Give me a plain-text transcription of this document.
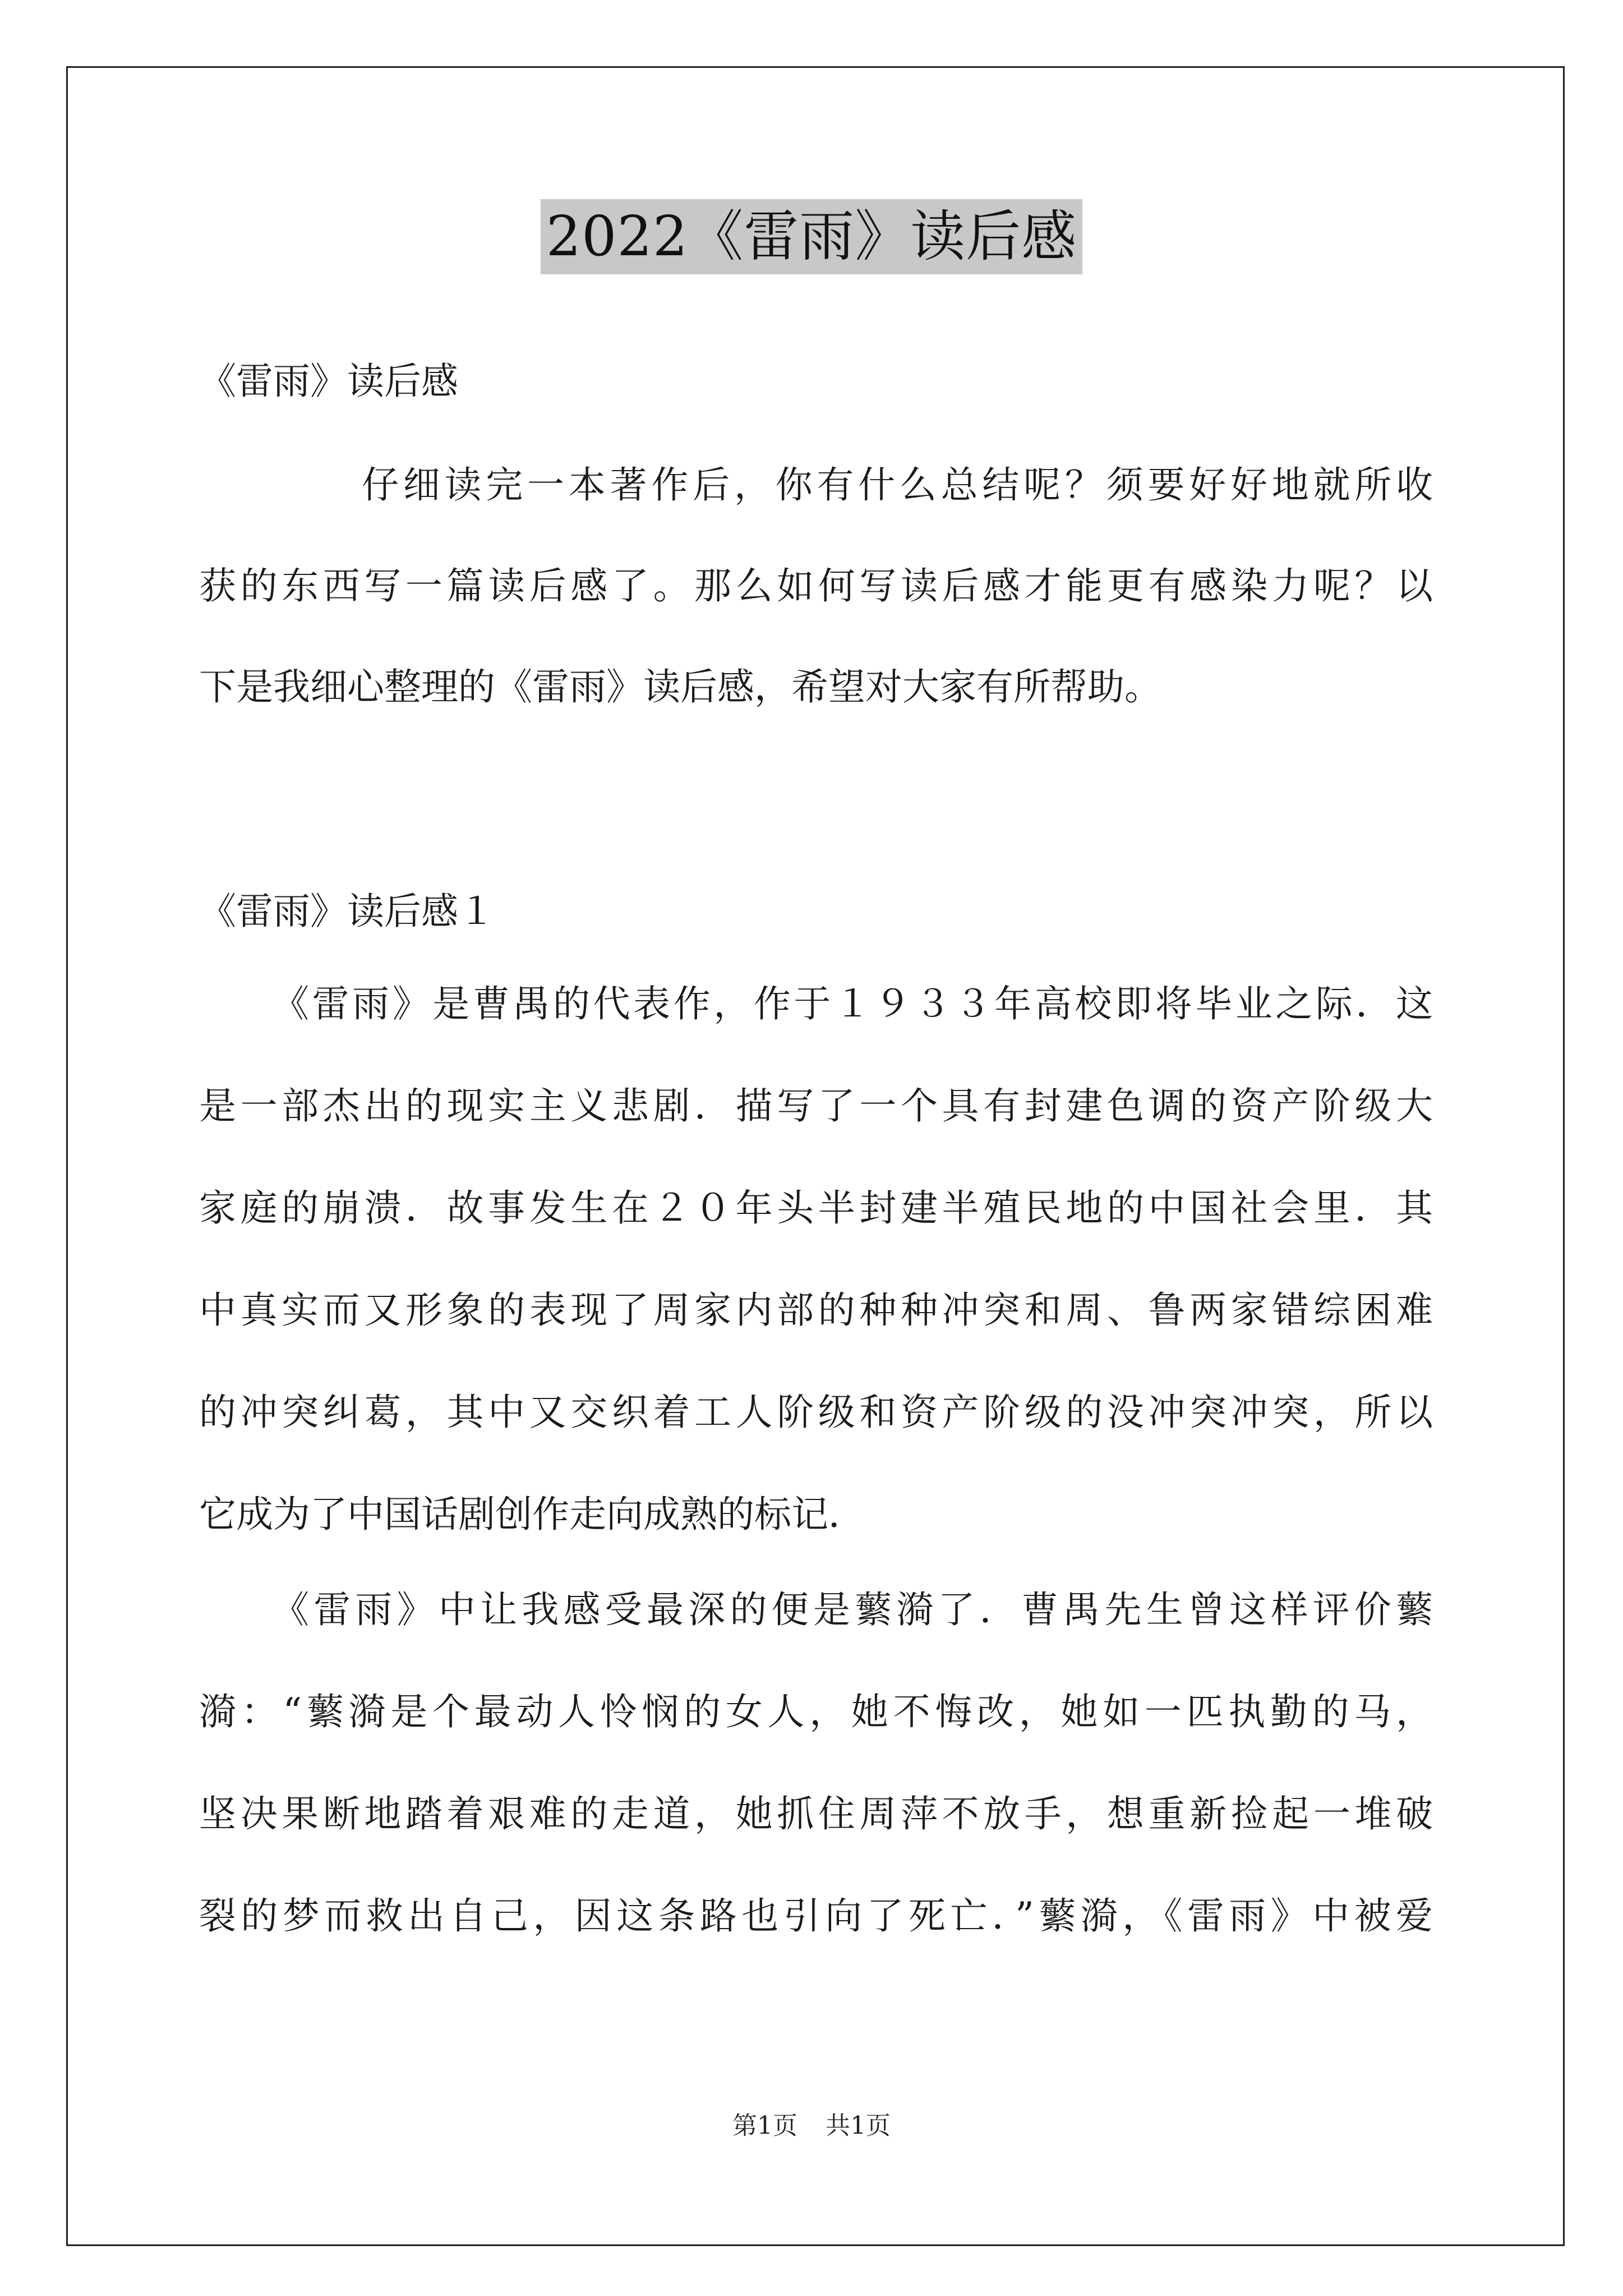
2022《雷雨》读后感
《雷雨》读后感
仔细读完一本著作后，你有什么总结呢？须要好好地就所收
获的东西写一篇读后感了。那么如何写读后感才能更有感染力呢？以
下是我细心整理的《雷雨》读后感，希望对大家有所帮助。
《雷雨》读后感１
《雷雨》是曹禺的代表作，作于１９３３年高校即将毕业之际．这
是一部杰出的现实主义悲剧．描写了一个具有封建色调的资产阶级大
家庭的崩溃．故事发生在２０年头半封建半殖民地的中国社会里．其
中真实而又形象的表现了周家内部的种种冲突和周、鲁两家错综困难
的冲突纠葛，其中又交织着工人阶级和资产阶级的没冲突冲突，所以
它成为了中国话剧创作走向成熟的标记．
《雷雨》中让我感受最深的便是蘩漪了．曹禺先生曾这样评价蘩
漪：“蘩漪是个最动人怜悯的女人，她不悔改，她如一匹执勤的马，
坚决果断地踏着艰难的走道，她抓住周萍不放手，想重新捡起一堆破
裂的梦而救出自己，因这条路也引向了死亡．”蘩漪，《雷雨》中被爱
第1页 共1页
